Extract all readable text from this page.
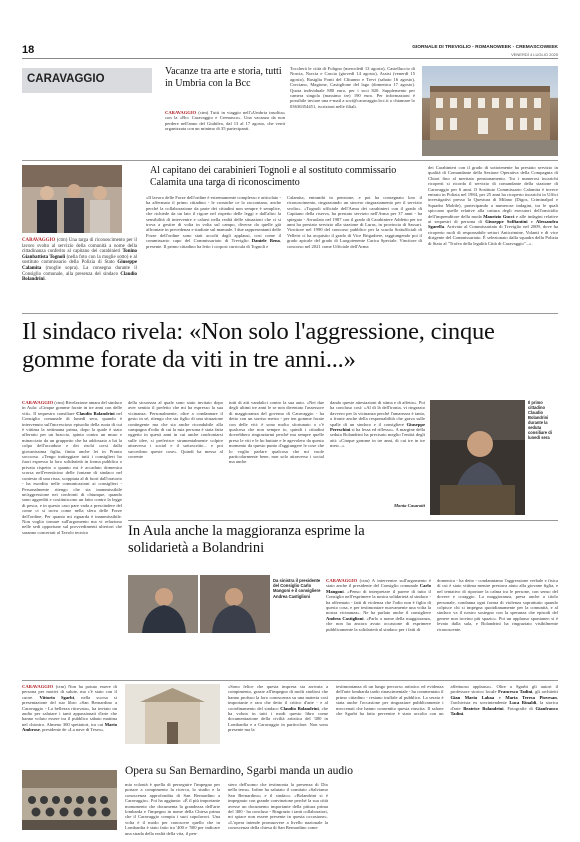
18	GIORNALE DI TREVIGLIO - ROMANOWEEK - CREMASCOWEEK
VENERDÌ 4 LUGLIO 2025
CARAVAGGIO
Vacanze tra arte e storia, tutti in Umbria con la Bcc
CARAVAGGIO (ctm) Tutti in viaggio nell'«Umbria insolita» con la «Bcc Caravaggio e Cremasco». Una vacanza da non perdere nell'anno del Giubileo, dal 13 al 17 agosto, che verrà organizzata con un minimo di 35 partecipanti.
Toccherà le città di Foligno (mercoledì 13 agosto), Castelluccio di Norcia, Norcia e Cascia (giovedì 14 agosto), Assisi (venerdì 15 agosto), Rasiglia Fonti del Clitunno e Trevi (sabato 16 agosto), Corciano, Magione, Castiglione del lago (domenica 17 agosto). Quota individuale 880 euro, per i soci 820. Supplemento per camera singola (massimo tre) 190 euro. Per informazioni è possibile inviare una e-mail a soci@caravaggio.bcc.it o chiamare lo 03636354451, iscrizioni nelle filiali.
Al capitano dei carabinieri Tognoli e al sostituto commissario Calamita una targa di riconoscimento
CARAVAGGIO (ctm) Una targa di riconoscimento per il lavoro svolto al servizio della comunità a nome della cittadinanza conferito al capitano dei carabinieri Tonino Gianbattista Tognoli (nella foto con la moglie sotto) e al sostituto commissario della Polizia di Stato Giuseppe Calamita (moglie sopra). La consegna durante il Consiglio comunale, alla presenza del sindaco Claudio Bolandrini.
«Il lavoro delle Forze dell'ordine è estremamente complesso e articolato - ha affermato il primo cittadino - le cronache ce lo raccontano, anche perché la collaborazione da parte dei cittadini non sempre è semplice, che richiede da un lato il rigore nel rispetto delle leggi e dall'altro la sensibilità di intervenire e calarsi nella realtà delle situazioni che ci si trova a gestire di volta in volta sul campo, diverse da quelle già affrontate in precedenza e studiate sul manuale. I due rappresentanti delle Forze dell'ordine sono stati accolti dagli applausi, cosi come il commissario capo del Commissariato di Treviglio Daniele Bena, presente. Il primo cittadino ha letto i corposi curricula di Tognoli e
Calamita, entrambi in pensione, e poi ha consegnato loro il riconoscimento, ringraziando un sincero ringraziamento per il servizio svolto». «Tognoli ufficiale dell'Arma dei carabinieri con il grado di Capitano della riserva, ha prestato servizio nell'Arma per 37 anni - ha spiegato - Arruolato nel 1987 con il grado di Carabiniere Addetto per tre anni ha prestato servizio alla stazione di Luras, in provincia di Sassari. Vincitore nel 1990 del concorso pubblico per la scuola Sottufficiali di Velletri ci ha acquisito il grado di Vice Brigadiere, raggiungendo poi il grado apicale del grado di Luogotenente Carica Speciale. Vincitore di concorso nel 2021 come Ufficiale dell'Arma
dei Carabinieri con il grado di sottotenente ha prestato servizio in qualità di Comandante della Sezione Operativa della Compagnia di Chiari fino al meritato pensionamento. Tra i numerosi incarichi ricoperti si ricorda il servizio di comandante della stazione di Caravaggio per 6 anni. Il Sostituto Commissario Calamita è invece entrato in Polizia nel 1984, per 25 anni ha ricoperto incarichi in Uffici investigativi presso la Questura di Milano (Digos, Criminalpol e Squadra Mobile), partecipando a numerose indagini, tra le quali spiccano quelle relative alla cattura degli esecutori dell'omicidio dell'imprenditore della moda Maurizio Gucci e alle indagini relative ai sequestri di persona di Giuseppe Soffiantini e Alessandra Sgarella. Arrivato al Commissariato di Treviglio nel 2009, dove ha ricoperto ruoli di responsabile settori Anticrimine, Volanti e di vice dirigente del Commissariato. È selezionato dalla squadra della Polizia di Stato al "Trofeo della legalità Città di Caravaggio"...».
Il sindaco rivela: «Non solo l'aggressione, cinque gomme forate da viti in tre anni...»
CARAVAGGIO (ctm) Rivelazione amara del sindaco in Aula: «Cinque gomme forate in tre anni con delle viti». Il sequestro consiliare Claudio Bolandrini nel Consiglio comunale di lunedì sera, quando è intervenuto sull'increscioso episodio della ruota di cui è vittima la settimana prima, dopo la quale è stato afferrato per un braccio, spinto contro un muro e minacciato da un gruppetto che ha addossato a lui la colpa dell'accaduto e dei rischi corsi dalla giovanissima figlia, finita anche lei in Pronto soccorso. «Tengo tratteggiare tutti i consiglieri ho fuori espresso la loro solidarietà in forma pubblica o privata rispetto a quanto mi è accaduto domenica scorsa nell'eventicino delle fontane di sindaco nel contesto di una rissa, scoppiata al di fuori dall'oratorio - ha esordito nelle comunicazioni ai consiglieri - Personalmente ritengo che sia inammissibile un'aggressione nei confronti di chiunque, quando sono aggrediti e costituiscono un fatto contro la legge di pesca, e in questo caso pare vada a prescindere del come ci si trova come nella sfera delle Forze dell'ordine. Per quanto mi riguarda è inammissibile. Non voglio tornare sull'argomento ma vi relaziono nelle sedi opportune sul provvedimenti ulteriori che saranno concertati al Tavolo tecnico
della sicurezza al quale sono stato invitato dopo aver sentito il prefetto che mi ha espresso la sua vicinanza. Personalmente, oltre a condannare il gesto in sé, ritengo che sia figlio di una situazione contingente ma che sia anche ricondubile alla campagna d'odio di cui la mia persona è stata fatta oggetto in questi anni in cui anche confrontarsi sulle idee, si preferisce strumentalmente colpire attraverso i social e il sottoscritto... e poi succedono queste cose». Quindi ha messo al corrente
tutti di atti vandalici contro la sua auto. «Nei due degli ultimi tre anni le se non diventato l'assessore di maggioranza del governo di Caravaggio - ha detto con un sorriso mesto - per ten gomme forate con delle viti: è sono molto sfortunato o c'è qualcosa che non sempre io, quindi i cittadini dovrebbero ringraziarmi perché ma sempre quelle preso le viti e le ho buttate e le agevolero da questo momento da questo punto d'aggiungere le cose che lo voglio parlare qualcosa che mi vuole particolarmente bene, non solo attraverso i social ma anche
dando queste attestazioni di stima e di affetto». Poi ha concluso così: «Al di là dell'ironia, vi ringrazio davvero per la vicinanza perché l'amarezza è tanta, a fronte anche della responsabilità che grava sulle spalle di un sindaco e il consigliere Giuseppe Pereschini si ha lessa ed riflesso». A margine della seduta Bolandrini ha precisato meglio l'entità degli atti: «Cinque gomme in tre anni, di cui tre in tre mesi...».
Monia Casarotti
Il primo cittadino Claudio Bolandrini durante la seduta consiliare di lunedì sera
In Aula anche la maggioranza esprime la solidarietà a Bolandrini
Da sinistra il presidente del Consiglio Carlo Mangoni e il consigliere Andrea Castiglioni
CARAVAGGIO (ctm) A intervenire sull'argomento è stato anche il presidente del Consiglio comunale Carlo Mangoni. «Penso di interpretare il parere di tutto il Consiglio nell'esprimere la nostra solidarietà al sindaco - ha affermato - fatti di violenza che l'odio non è figlio di questo cosa, e per testimoniare nuovamente una volta la nostra vicinanza». Ne ha parlato anche il consigliere Andrea Castiglioni. «Parlo a nome della maggioranza, che non ha ancora avuto occasione di esprimere pubblicamente la solidarietà al sindaco per i fatti di
domenica - ha detto - condanniamo l'aggressione verbale e fisica di cui è stato vittima mentre prestava aiuto alla giovane figlia, e nel tentativo di riportare la calma tra le persone, con senso del dovere e coraggio. La maggioranza, presa anche a titolo personale, condanna ogni forma di violenza soprattutto quando colpisce chi si impegna quotidianamente per la comunità, e al sindaco va il nostro sostegno con la speranza che episodi del genere non trovino più spazio». Poi un applauso spontaneo si è levato dalla sala, e Bolandrini ha ringraziato visibilmente riconoscente.
CARAVAGGIO (ctm) Non ha potuto essere di persona per motivi di salute, ma c'è stato con il cuore. Vittorio Sgarbi, nella scorsa si presentazione del suo libro «San Bernardino a Caravaggio - La bellezza ritrovata», ha inviato un audio per salutare i tanti appassionati d'arte che hanno voluto essere tra il pubblico sabato mattina nel chiostro. Almeno 300 spettatori, tra cui Mario Ambrose, presidente de «La nave di Teseo».
«Sono felice che questa impresa sia arrivata a compimento, grazie all'impegno di molti studiosi che hanno profuso la loro conoscenza su una materia così importante e rara che detto il critico d'arte - e al coordinamento del sindaco Claudio Bolandrini, che ha voluto in tutti i modi questo libro come documentazione della civiltà artistica del '400 in Lombardia e a Caravaggio in particolare. Non sono presente ma la
Opera su San Bernardino, Sgarbi manda un audio
mia volontà è quella di perseguire l'impegno per portare a compimento la ricerca, lo studio e la conoscenza approfondita di San Bernardino a Caravaggio». Poi ha aggiunto: «È il più importante monumento che documenta la grandezza dell'arte lombarda e l'impegno in nome della Chiesa prima che il Caravaggio compia i suoi capolavori. Una volta è il modo per conoscere quello che in Lombardia è stato fatto tra '400 e '500 per indicare una strada della realtà della vita, il pen-
siero dell'uomo che testimonia la presenza di Dio nella terra». Infine ha salutato il comitato «Salviamo San Bernardino» e il sindaco. «Bolandrini si è impegnato con grande convinzione perché la sua città avesse un documento importante della pittura prima del '400 - ha concluso - Ringrazio i tanti collaboratori, mi spiace non essere presente in questa occasione». «L'opera intende promuovere a livello nazionale la conoscenza della chiesa di San Bernardino come
testimonianza di un lungo percorso artistico ed evidenza dell'arte lombarda tardo rinascimentale - ha commentato il primo cittadino - restano truffale al pubblico. La serata è stata anche l'occasione per ringraziare pubblicamente i meccenati che hanno consentito questa riuscita. Il salone che Sgarbi ha fatto pervenire è stato accolto con un affettuoso applauso». Oltre a Sgarbi gli autori il professore storico locale Francesco Tadini, gli architetti Gian Maria Labaa e Maria Teresa Piovesan, l'archivista ex sovrintendente Luca Rinaldi, la storica d'arte Beatrice Bolandrini. Fotografie di Gianfranco Tadini.
